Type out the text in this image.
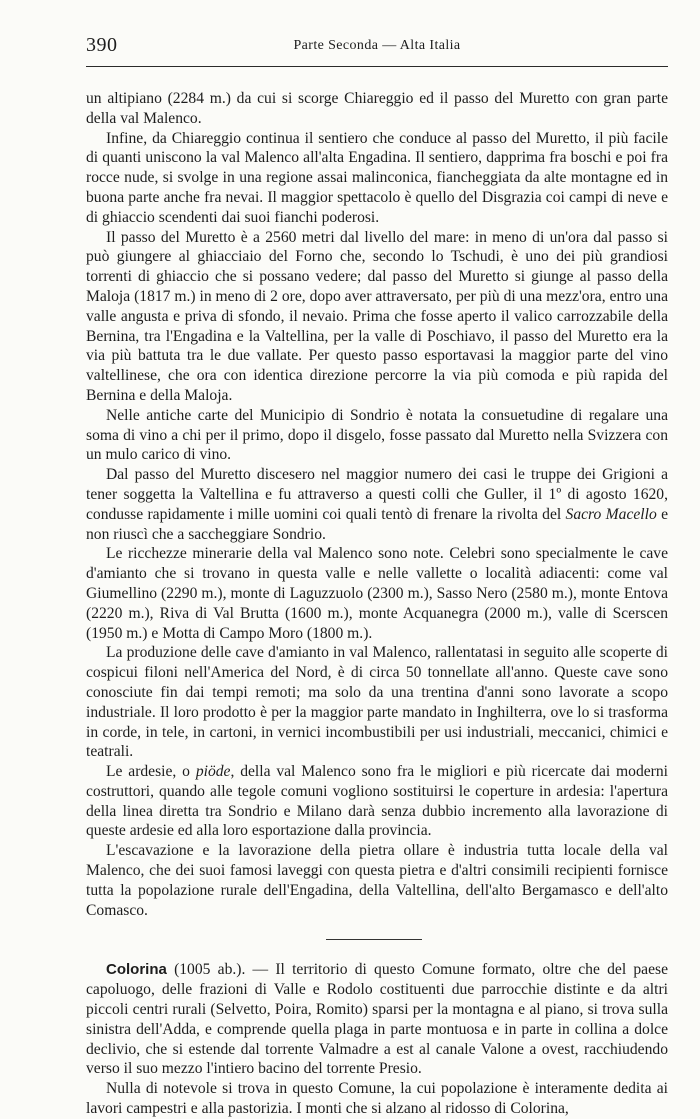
390	Parte Seconda — Alta Italia

un altipiano (2284 m.) da cui si scorge Chiareggio ed il passo del Muretto con gran parte della val Malenco.

Infine, da Chiareggio continua il sentiero che conduce al passo del Muretto, il più facile di quanti uniscono la val Malenco all'alta Engadina. Il sentiero, dapprima fra boschi e poi fra rocce nude, si svolge in una regione assai malinconica, fiancheggiata da alte montagne ed in buona parte anche fra nevai. Il maggior spettacolo è quello del Disgrazia coi campi di neve e di ghiaccio scendenti dai suoi fianchi poderosi.

Il passo del Muretto è a 2560 metri dal livello del mare: in meno di un'ora dal passo si può giungere al ghiacciaio del Forno che, secondo lo Tschudi, è uno dei più grandiosi torrenti di ghiaccio che si possano vedere; dal passo del Muretto si giunge al passo della Maloja (1817 m.) in meno di 2 ore, dopo aver attraversato, per più di una mezz'ora, entro una valle angusta e priva di sfondo, il nevaio. Prima che fosse aperto il valico carrozzabile della Bernina, tra l'Engadina e la Valtellina, per la valle di Poschiavo, il passo del Muretto era la via più battuta tra le due vallate. Per questo passo esportavasi la maggior parte del vino valtellinese, che ora con identica direzione percorre la via più comoda e più rapida del Bernina e della Maloja.

Nelle antiche carte del Municipio di Sondrio è notata la consuetudine di regalare una soma di vino a chi per il primo, dopo il disgelo, fosse passato dal Muretto nella Svizzera con un mulo carico di vino.

Dal passo del Muretto discesero nel maggior numero dei casi le truppe dei Grigioni a tener soggetta la Valtellina e fu attraverso a questi colli che Guller, il 1º di agosto 1620, condusse rapidamente i mille uomini coi quali tentò di frenare la rivolta del Sacro Macello e non riuscì che a saccheggiare Sondrio.

Le ricchezze minerarie della val Malenco sono note. Celebri sono specialmente le cave d'amianto che si trovano in questa valle e nelle vallette o località adiacenti: come val Giumellino (2290 m.), monte di Laguzzuolo (2300 m.), Sasso Nero (2580 m.), monte Entova (2220 m.), Riva di Val Brutta (1600 m.), monte Acquanegra (2000 m.), valle di Scerscen (1950 m.) e Motta di Campo Moro (1800 m.).

La produzione delle cave d'amianto in val Malenco, rallentatasi in seguito alle scoperte di cospicui filoni nell'America del Nord, è di circa 50 tonnellate all'anno. Queste cave sono conosciute fin dai tempi remoti; ma solo da una trentina d'anni sono lavorate a scopo industriale. Il loro prodotto è per la maggior parte mandato in Inghilterra, ove lo si trasforma in corde, in tele, in cartoni, in vernici incombustibili per usi industriali, meccanici, chimici e teatrali.

Le ardesie, o piöde, della val Malenco sono fra le migliori e più ricercate dai moderni costruttori, quando alle tegole comuni vogliono sostituirsi le coperture in ardesia: l'apertura della linea diretta tra Sondrio e Milano darà senza dubbio incremento alla lavorazione di queste ardesie ed alla loro esportazione dalla provincia.

L'escavazione e la lavorazione della pietra ollare è industria tutta locale della val Malenco, che dei suoi famosi laveggi con questa pietra e d'altri consimili recipienti fornisce tutta la popolazione rurale dell'Engadina, della Valtellina, dell'alto Bergamasco e dell'alto Comasco.

Colorina (1005 ab.). — Il territorio di questo Comune formato, oltre che del paese capoluogo, delle frazioni di Valle e Rodolo costituenti due parrocchie distinte e da altri piccoli centri rurali (Selvetto, Poira, Romito) sparsi per la montagna e al piano, si trova sulla sinistra dell'Adda, e comprende quella plaga in parte montuosa e in parte in collina a dolce declivio, che si estende dal torrente Valmadre a est al canale Valone a ovest, racchiudendo verso il suo mezzo l'intiero bacino del torrente Presio.

Nulla di notevole si trova in questo Comune, la cui popolazione è interamente dedita ai lavori campestri e alla pastorizia. I monti che si alzano al ridosso di Colorina,
